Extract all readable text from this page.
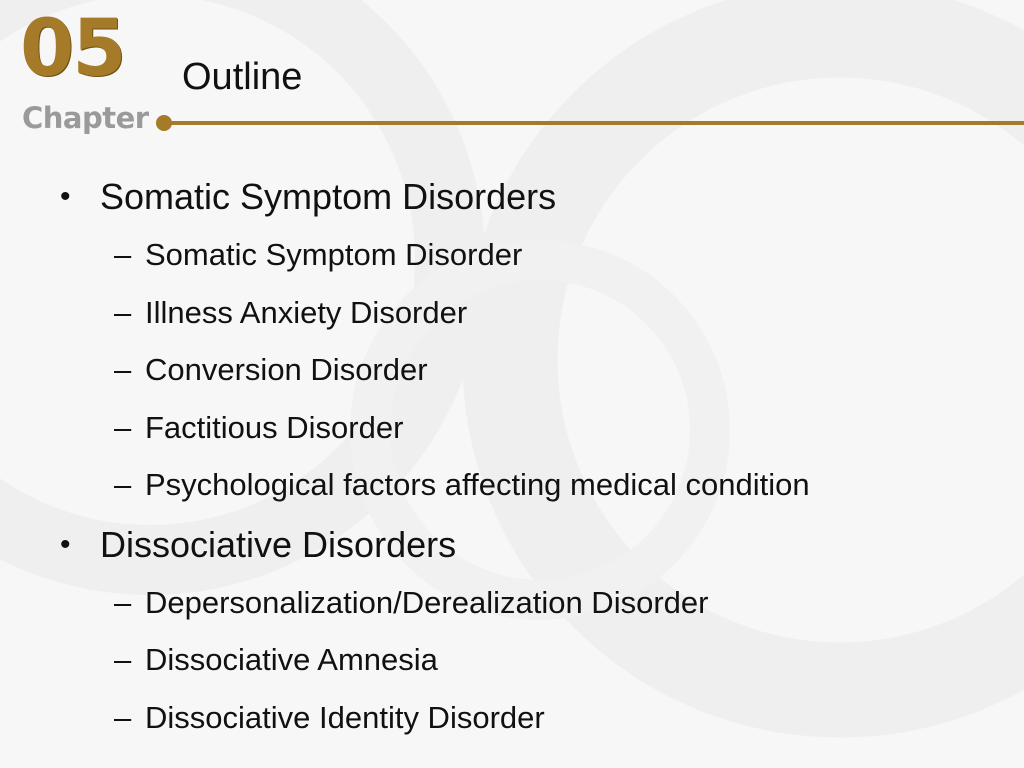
05
Chapter
Outline
• Somatic Symptom Disorders
– Somatic Symptom Disorder
– Illness Anxiety Disorder
– Conversion Disorder
– Factitious Disorder
– Psychological factors affecting medical condition
• Dissociative Disorders
– Depersonalization/Derealization Disorder
– Dissociative Amnesia
– Dissociative Identity Disorder
